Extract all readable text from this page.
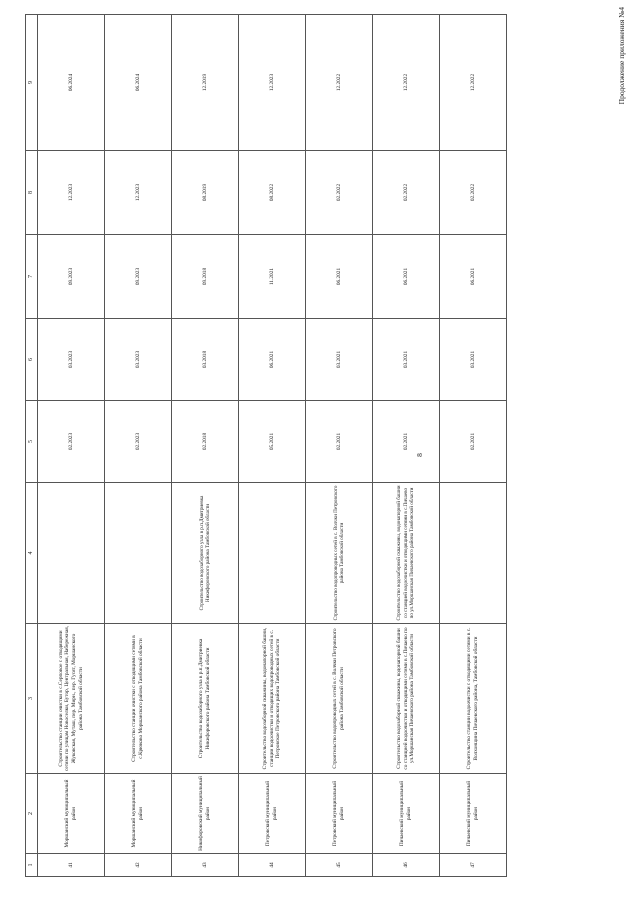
Продолжение приложения №4
8
1	2	3	4	5	6	7	8	9
41	Моршанский муниципальный район	Строительство станции очистки в с.Серповое с отводящими сетями по улицам Новоселки, Бутор, Центральная, Набережная, Жуковская, Муташ, пер. Мирн., пер. Гусят, Моршанского района Тамбовской области		02.2023	03.2023	09.2023	12.2023	06.2024
42	Моршанский муниципальный район	Строительство станции очистки с отводящими сетями в с.Крюково Моршанского района Тамбовской области		02.2023	03.2023	09.2023	12.2023	06.2024
43	Никифоровский муниципальный район	Строительство водозаборного узла в р.п.Дмитриевка Никифоровского района Тамбовской области	Строительство водозаборного узла в р.п.Дмитриевка Никифоровского района Тамбовской области	02.2018	03.2018	09.2018	08.2019	12.2019
44	Петровский муниципальный район	Строительство водозаборной скважины, водонапорной башни, станции водоочистки и отводящих водопроводных сетей в с. Петровское Петровского района Тамбовской области		05.2021	06.2021	11.2021	08.2022	12.2023
45	Петровский муниципальный район	Строительство водопроводных сетей в с. Волчки Петровского района Тамбовской области	Строительство водопроводных сетей в с. Волчки Петровского района Тамбовской области	02.2021	03.2021	06.2021	02.2022	12.2022
46	Пичаевский муниципальный район	Строительство водозаборной скважины, водонапорной башни со станцией водоочистки и отводящими сетями в с.Пичаево по ул.Моршанская Пичаевского района Тамбовской области	Строительство водозаборной скважины, водонапорной башни со станцией водоочистки и отводящими сетями в с.Пичаево по ул.Моршанская Пичаевского района Тамбовской области	02.2021	03.2021	06.2021	02.2022	12.2022
47	Пичаевский муниципальный район	Строительство станции водоочистки с отводящими сетями в с. Волхонщина Пичаевского района, Тамбовской области		02.2021	03.2021	06.2021	02.2022	12.2022
